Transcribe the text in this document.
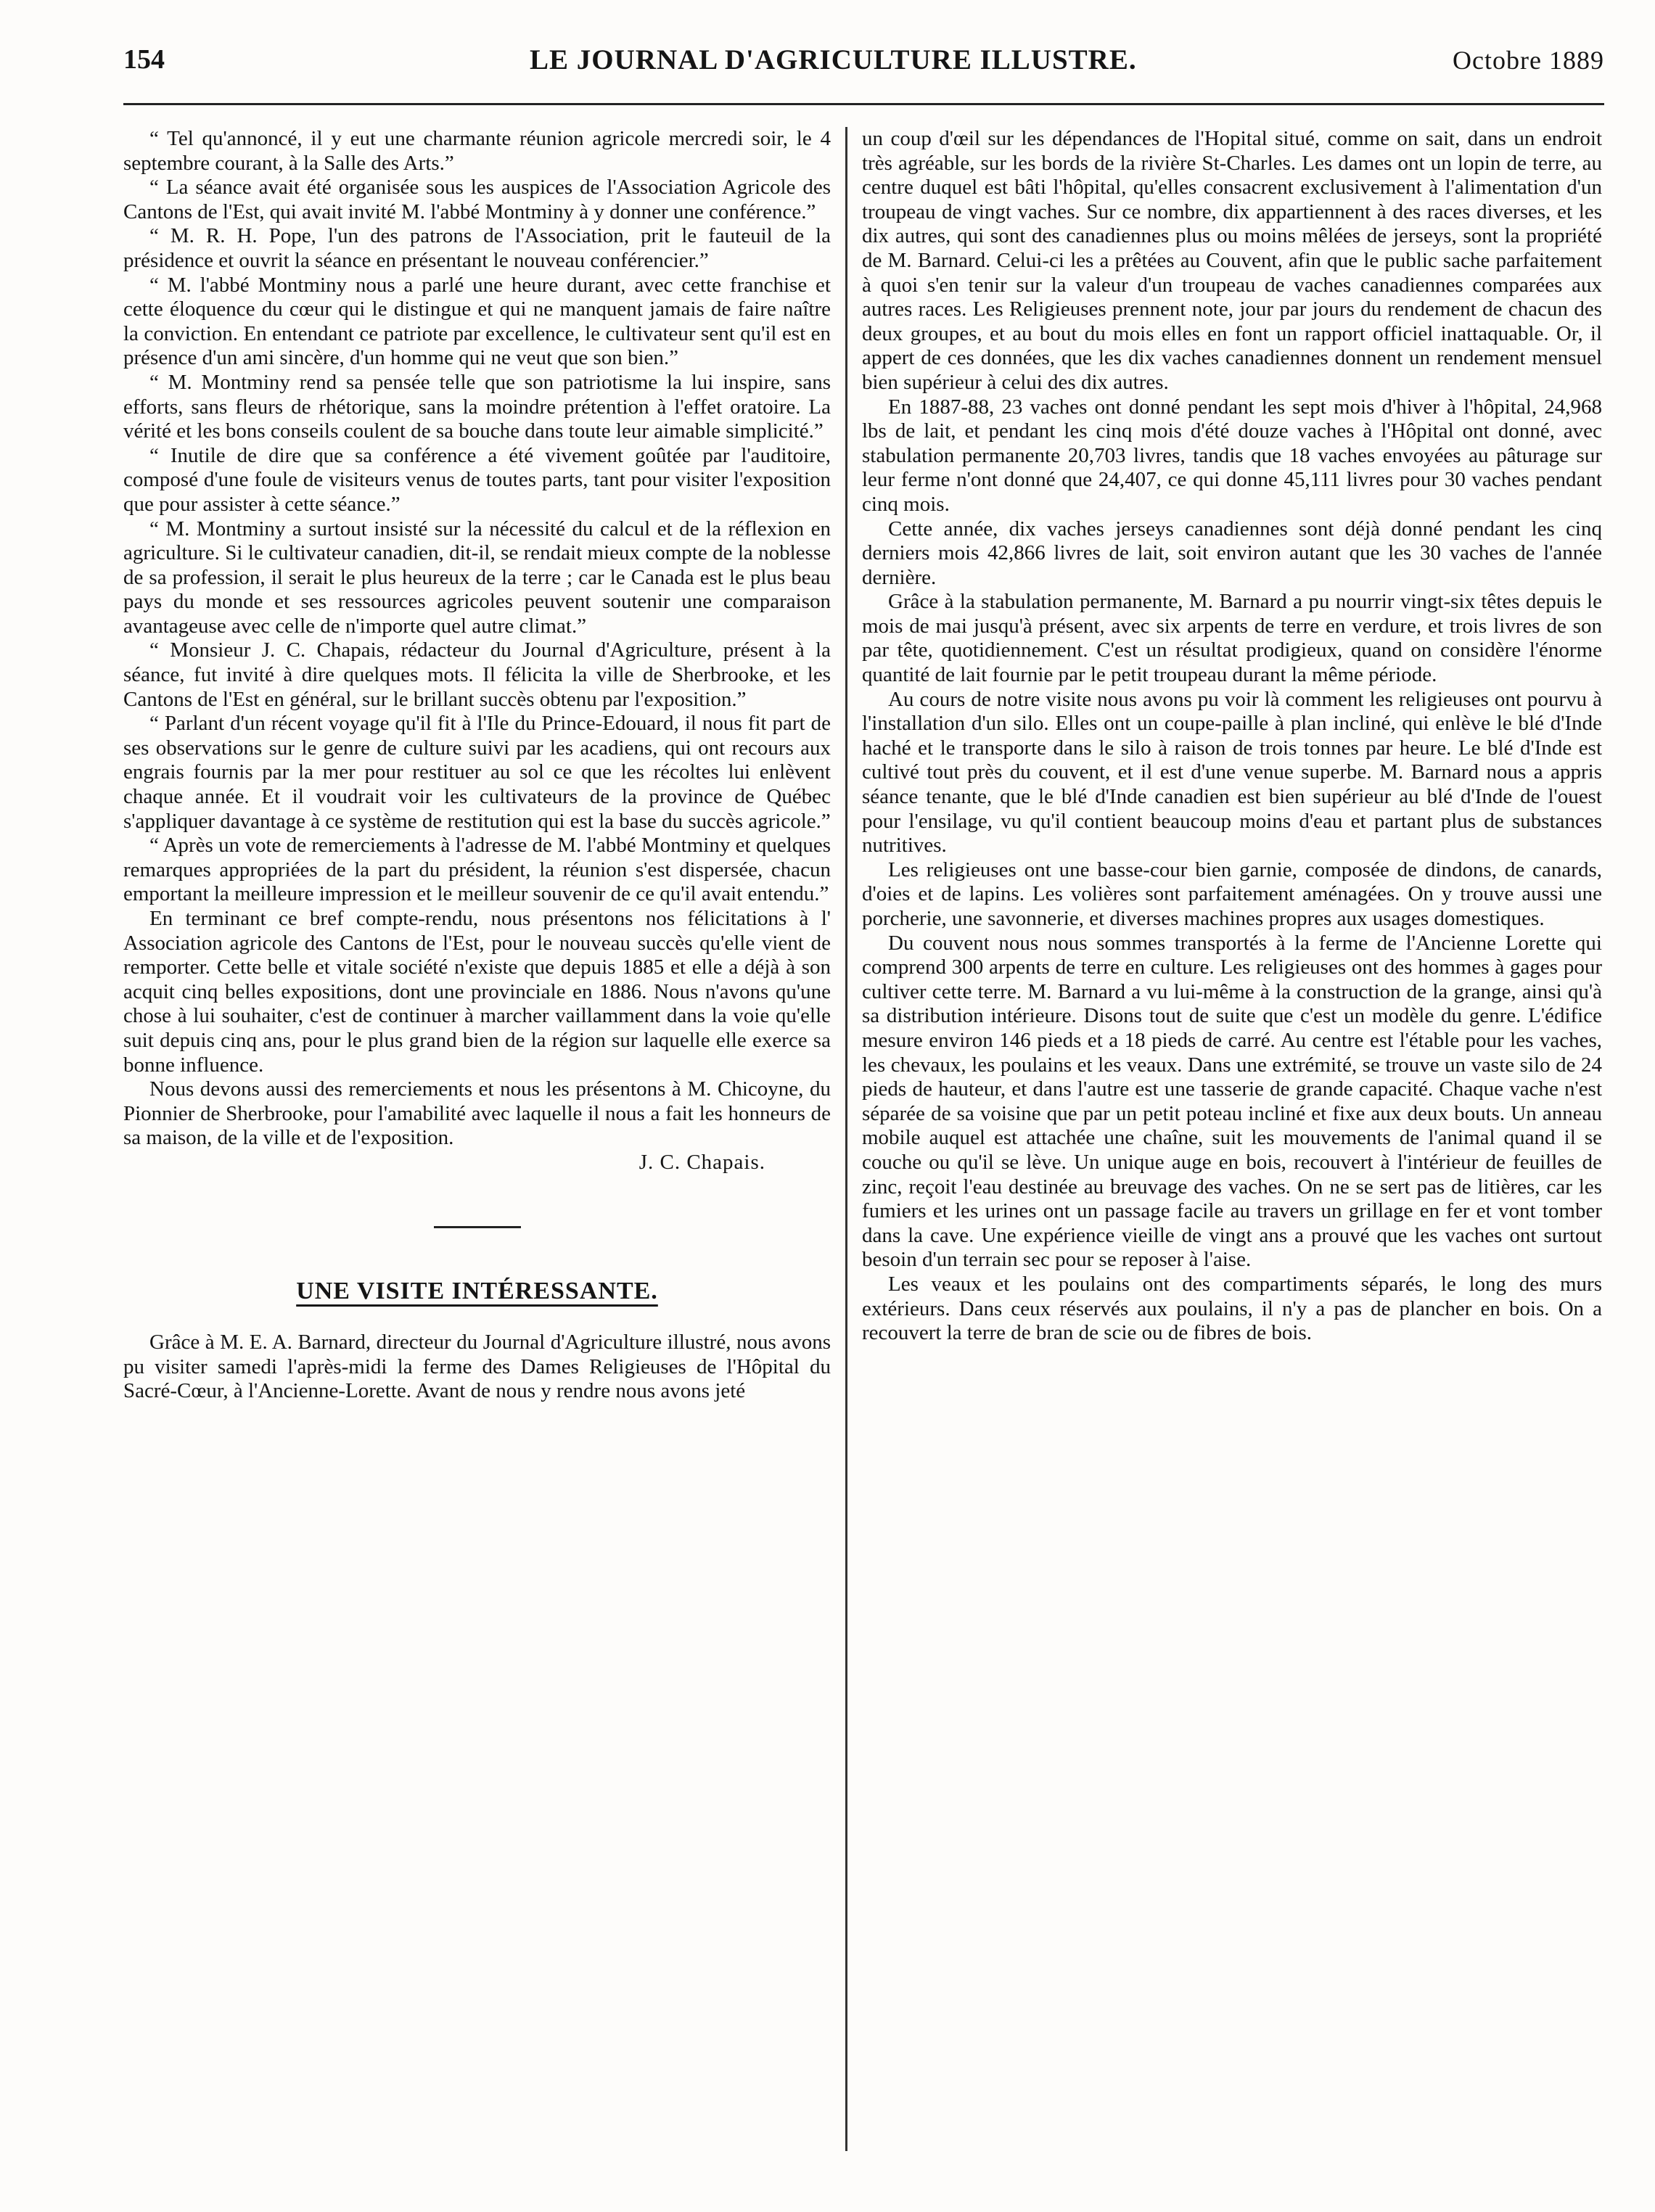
154	LE JOURNAL D'AGRICULTURE ILLUSTRE.	Octobre 1889

“ Tel qu'annoncé, il y eut une charmante réunion agricole mercredi soir, le 4 septembre courant, à la Salle des Arts.”

“ La séance avait été organisée sous les auspices de l'Association Agricole des Cantons de l'Est, qui avait invité M. l'abbé Montminy à y donner une conférence.”

“ M. R. H. Pope, l'un des patrons de l'Association, prit le fauteuil de la présidence et ouvrit la séance en présentant le nouveau conférencier.”

“ M. l'abbé Montminy nous a parlé une heure durant, avec cette franchise et cette éloquence du cœur qui le distingue et qui ne manquent jamais de faire naître la conviction. En entendant ce patriote par excellence, le cultivateur sent qu'il est en présence d'un ami sincère, d'un homme qui ne veut que son bien.”

“ M. Montminy rend sa pensée telle que son patriotisme la lui inspire, sans efforts, sans fleurs de rhétorique, sans la moindre prétention à l'effet oratoire. La vérité et les bons conseils coulent de sa bouche dans toute leur aimable simplicité.”

“ Inutile de dire que sa conférence a été vivement goûtée par l'auditoire, composé d'une foule de visiteurs venus de toutes parts, tant pour visiter l'exposition que pour assister à cette séance.”

“ M. Montminy a surtout insisté sur la nécessité du calcul et de la réflexion en agriculture. Si le cultivateur canadien, dit-il, se rendait mieux compte de la noblesse de sa profession, il serait le plus heureux de la terre ; car le Canada est le plus beau pays du monde et ses ressources agricoles peuvent soutenir une comparaison avantageuse avec celle de n'importe quel autre climat.”

“ Monsieur J. C. Chapais, rédacteur du Journal d'Agriculture, présent à la séance, fut invité à dire quelques mots. Il félicita la ville de Sherbrooke, et les Cantons de l'Est en général, sur le brillant succès obtenu par l'exposition.”

“ Parlant d'un récent voyage qu'il fit à l'Ile du Prince-Edouard, il nous fit part de ses observations sur le genre de culture suivi par les acadiens, qui ont recours aux engrais fournis par la mer pour restituer au sol ce que les récoltes lui enlèvent chaque année. Et il voudrait voir les cultivateurs de la province de Québec s'appliquer davantage à ce système de restitution qui est la base du succès agricole.”

“ Après un vote de remerciements à l'adresse de M. l'abbé Montminy et quelques remarques appropriées de la part du président, la réunion s'est dispersée, chacun emportant la meilleure impression et le meilleur souvenir de ce qu'il avait entendu.”

En terminant ce bref compte-rendu, nous présentons nos félicitations à l' Association agricole des Cantons de l'Est, pour le nouveau succès qu'elle vient de remporter. Cette belle et vitale société n'existe que depuis 1885 et elle a déjà à son acquit cinq belles expositions, dont une provinciale en 1886. Nous n'avons qu'une chose à lui souhaiter, c'est de continuer à marcher vaillamment dans la voie qu'elle suit depuis cinq ans, pour le plus grand bien de la région sur laquelle elle exerce sa bonne influence.

Nous devons aussi des remerciements et nous les présentons à M. Chicoyne, du Pionnier de Sherbrooke, pour l'amabilité avec laquelle il nous a fait les honneurs de sa maison, de la ville et de l'exposition.

J. C. Chapais.

UNE VISITE INTÉRESSANTE.

Grâce à M. E. A. Barnard, directeur du Journal d'Agriculture illustré, nous avons pu visiter samedi l'après-midi la ferme des Dames Religieuses de l'Hôpital du Sacré-Cœur, à l'Ancienne-Lorette. Avant de nous y rendre nous avons jeté

un coup d'œil sur les dépendances de l'Hopital situé, comme on sait, dans un endroit très agréable, sur les bords de la rivière St-Charles. Les dames ont un lopin de terre, au centre duquel est bâti l'hôpital, qu'elles consacrent exclusivement à l'alimentation d'un troupeau de vingt vaches. Sur ce nombre, dix appartiennent à des races diverses, et les dix autres, qui sont des canadiennes plus ou moins mêlées de jerseys, sont la propriété de M. Barnard. Celui-ci les a prêtées au Couvent, afin que le public sache parfaitement à quoi s'en tenir sur la valeur d'un troupeau de vaches canadiennes comparées aux autres races. Les Religieuses prennent note, jour par jours du rendement de chacun des deux groupes, et au bout du mois elles en font un rapport officiel inattaquable. Or, il appert de ces données, que les dix vaches canadiennes donnent un rendement mensuel bien supérieur à celui des dix autres.

En 1887-88, 23 vaches ont donné pendant les sept mois d'hiver à l'hôpital, 24,968 lbs de lait, et pendant les cinq mois d'été douze vaches à l'Hôpital ont donné, avec stabulation permanente 20,703 livres, tandis que 18 vaches envoyées au pâturage sur leur ferme n'ont donné que 24,407, ce qui donne 45,111 livres pour 30 vaches pendant cinq mois.

Cette année, dix vaches jerseys canadiennes sont déjà donné pendant les cinq derniers mois 42,866 livres de lait, soit environ autant que les 30 vaches de l'année dernière.

Grâce à la stabulation permanente, M. Barnard a pu nourrir vingt-six têtes depuis le mois de mai jusqu'à présent, avec six arpents de terre en verdure, et trois livres de son par tête, quotidiennement. C'est un résultat prodigieux, quand on considère l'énorme quantité de lait fournie par le petit troupeau durant la même période.

Au cours de notre visite nous avons pu voir là comment les religieuses ont pourvu à l'installation d'un silo. Elles ont un coupe-paille à plan incliné, qui enlève le blé d'Inde haché et le transporte dans le silo à raison de trois tonnes par heure. Le blé d'Inde est cultivé tout près du couvent, et il est d'une venue superbe. M. Barnard nous a appris séance tenante, que le blé d'Inde canadien est bien supérieur au blé d'Inde de l'ouest pour l'ensilage, vu qu'il contient beaucoup moins d'eau et partant plus de substances nutritives.

Les religieuses ont une basse-cour bien garnie, composée de dindons, de canards, d'oies et de lapins. Les volières sont parfaitement aménagées. On y trouve aussi une porcherie, une savonnerie, et diverses machines propres aux usages domestiques.

Du couvent nous nous sommes transportés à la ferme de l'Ancienne Lorette qui comprend 300 arpents de terre en culture. Les religieuses ont des hommes à gages pour cultiver cette terre. M. Barnard a vu lui-même à la construction de la grange, ainsi qu'à sa distribution intérieure. Disons tout de suite que c'est un modèle du genre. L'édifice mesure environ 146 pieds et a 18 pieds de carré. Au centre est l'étable pour les vaches, les chevaux, les poulains et les veaux. Dans une extrémité, se trouve un vaste silo de 24 pieds de hauteur, et dans l'autre est une tasserie de grande capacité. Chaque vache n'est séparée de sa voisine que par un petit poteau incliné et fixe aux deux bouts. Un anneau mobile auquel est attachée une chaîne, suit les mouvements de l'animal quand il se couche ou qu'il se lève. Un unique auge en bois, recouvert à l'intérieur de feuilles de zinc, reçoit l'eau destinée au breuvage des vaches. On ne se sert pas de litières, car les fumiers et les urines ont un passage facile au travers un grillage en fer et vont tomber dans la cave. Une expérience vieille de vingt ans a prouvé que les vaches ont surtout besoin d'un terrain sec pour se reposer à l'aise.

Les veaux et les poulains ont des compartiments séparés, le long des murs extérieurs. Dans ceux réservés aux poulains, il n'y a pas de plancher en bois. On a recouvert la terre de bran de scie ou de fibres de bois.
